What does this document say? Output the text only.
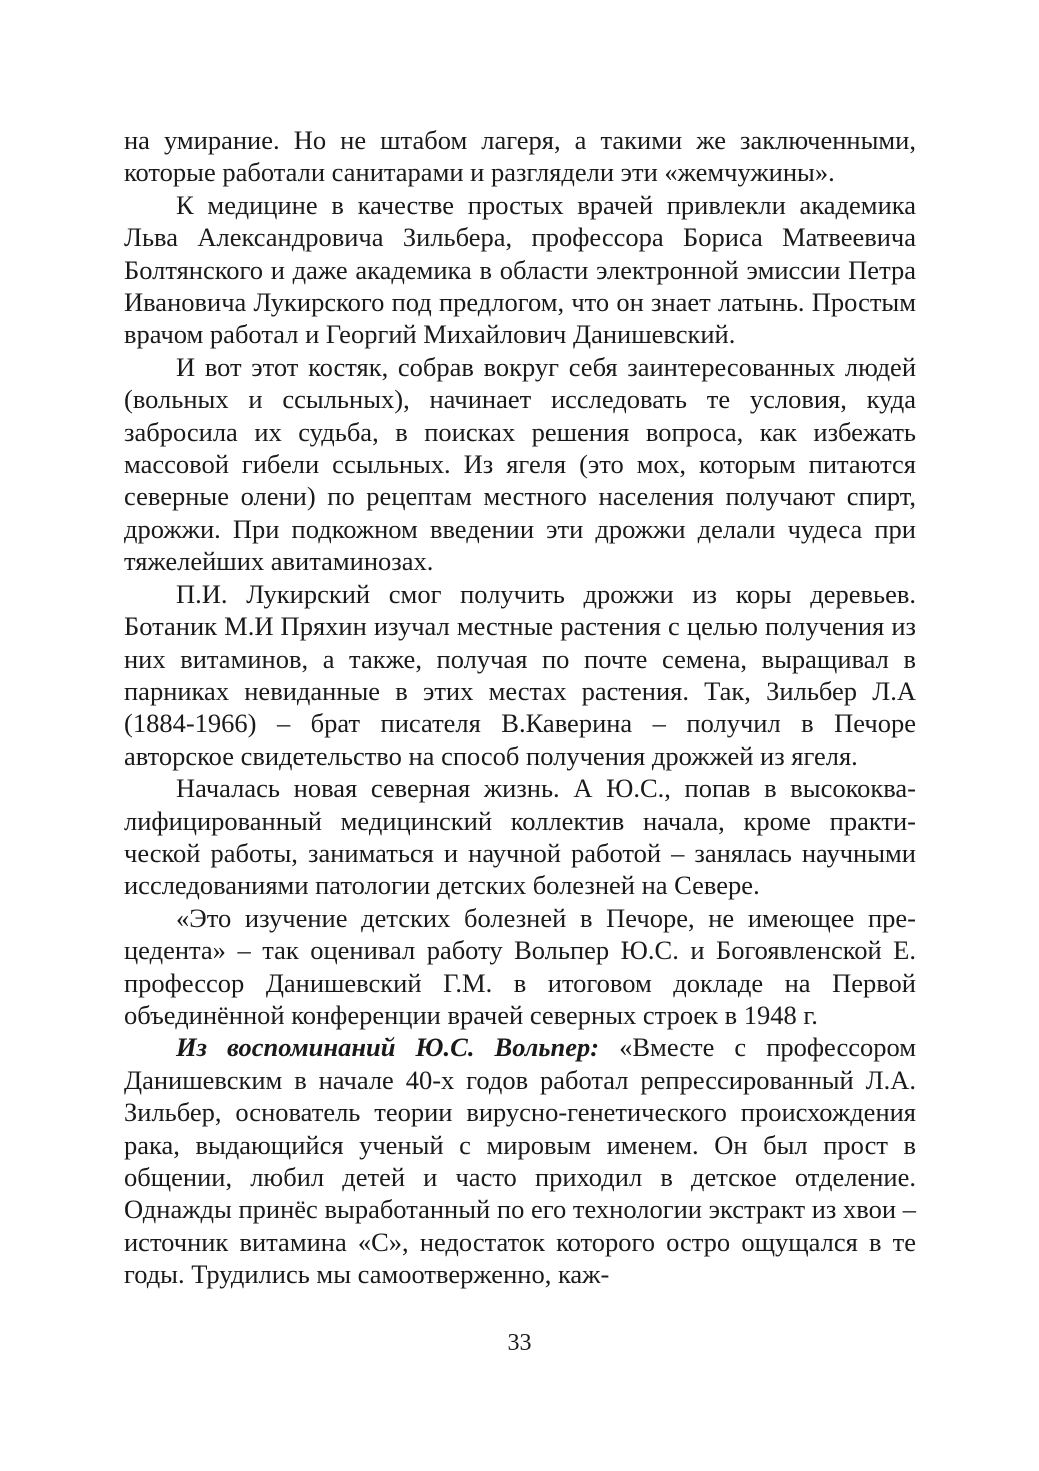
на умирание. Но не штабом лагеря, а такими же заключенными, которые работали санитарами и разглядели эти «жемчужины».

К медицине в качестве простых врачей привлекли академика Льва Александровича Зильбера, профессора Бориса Матвеевича Болтянского и даже академика в области электронной эмиссии Петра Ивановича Лукирского под предлогом, что он знает латынь. Простым врачом работал и Георгий Михайлович Данишевский.

И вот этот костяк, собрав вокруг себя заинтересованных людей (вольных и ссыльных), начинает исследовать те условия, куда забросила их судьба, в поисках решения вопроса, как избежать массовой гибели ссыльных. Из ягеля (это мох, которым питаются северные олени) по рецептам местного населения получают спирт, дрожжи. При подкожном введении эти дрожжи делали чудеса при тяжелейших авитаминозах.

П.И. Лукирский смог получить дрожжи из коры деревьев. Ботаник М.И Пряхин изучал местные растения с целью получения из них витаминов, а также, получая по почте семена, выращивал в парниках невиданные в этих местах растения. Так, Зильбер Л.А (1884-1966) – брат писателя В.Каверина – получил в Печоре авторское свидетельство на способ получения дрожжей из ягеля.

Началась новая северная жизнь. А Ю.С., попав в высококвалифицированный медицинский коллектив начала, кроме практической работы, заниматься и научной работой – занялась научными исследованиями патологии детских болезней на Севере.

«Это изучение детских болезней в Печоре, не имеющее прецедента» – так оценивал работу Вольпер Ю.С. и Богоявленской Е. профессор Данишевский Г.М. в итоговом докладе на Первой объединённой конференции врачей северных строек в 1948 г.

Из воспоминаний Ю.С. Вольпер: «Вместе с профессором Данишевским в начале 40-х годов работал репрессированный Л.А. Зильбер, основатель теории вирусно-генетического происхождения рака, выдающийся ученый с мировым именем. Он был прост в общении, любил детей и часто приходил в детское отделение. Однажды принёс выработанный по его технологии экстракт из хвои – источник витамина «С», недостаток которого остро ощущался в те годы. Трудились мы самоотверженно, каж-

33
